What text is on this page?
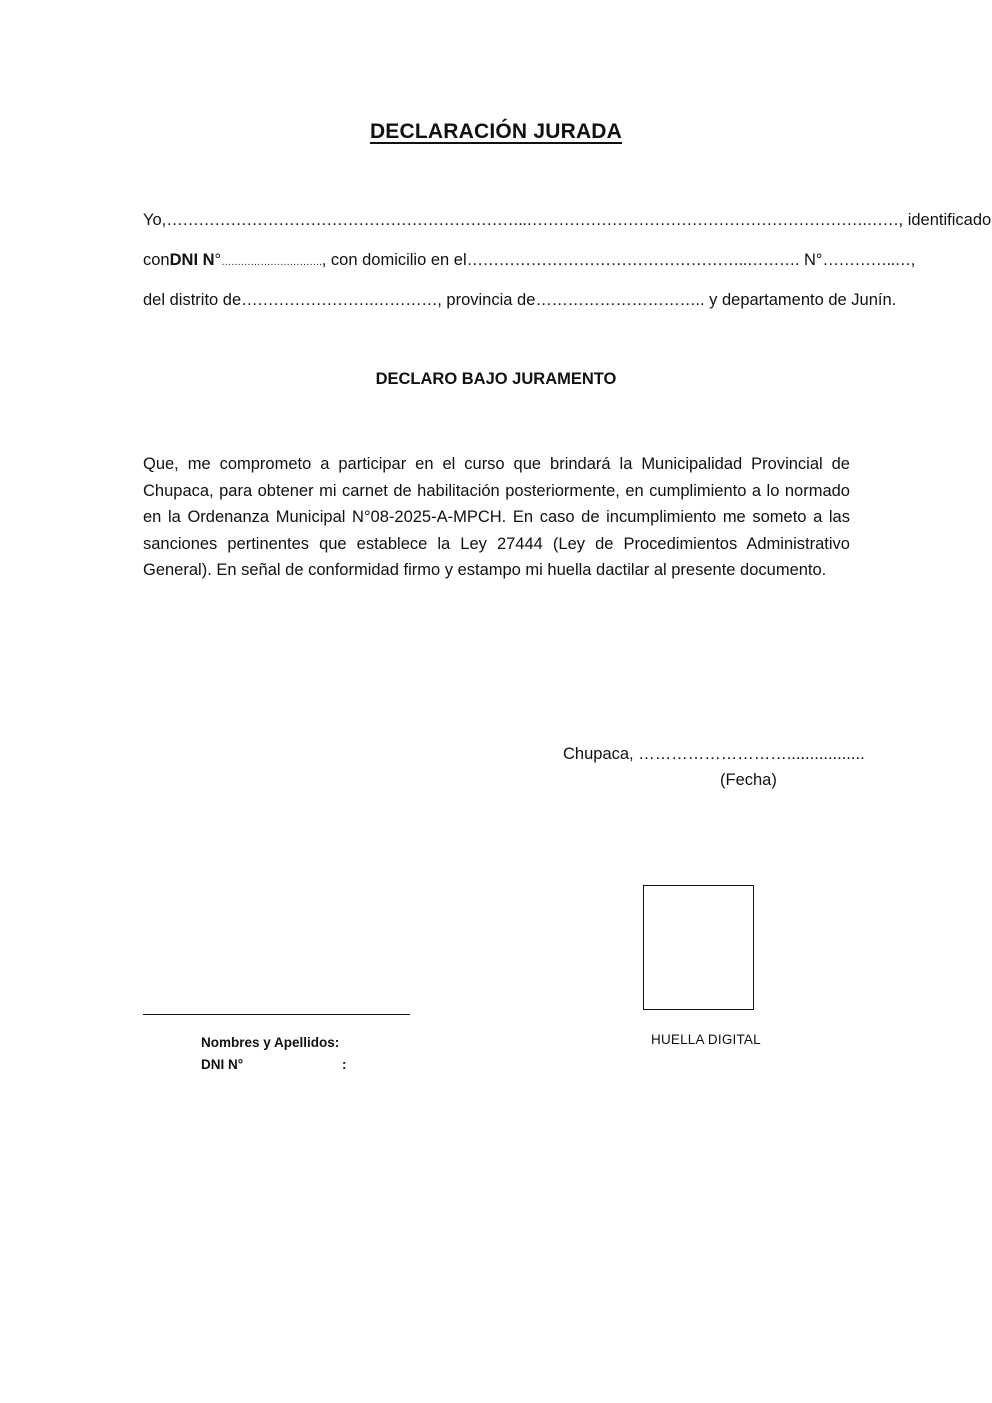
DECLARACIÓN JURADA
Yo, …………………………………………………………..……………………………………………………….…… , identificado
con DNI N ° …………………………. , con domicilio en el ……………………………………………..……… . N° …………..… ,
del distrito de …………………….………… , provincia de ………………………… .. y departamento de Junín.
DECLARO BAJO JURAMENTO
Que, me comprometo a participar en el curso que brindará la Municipalidad Provincial de Chupaca, para obtener mi carnet de habilitación posteriormente, en cumplimiento a lo normado en la Ordenanza Municipal N°08-2025-A-MPCH. En caso de incumplimiento me someto a las sanciones pertinentes que establece la Ley 27444 (Ley de Procedimientos Administrativo General). En señal de conformidad firmo y estampo mi huella dactilar al presente documento.
Chupaca, ……………………….................
(Fecha)
HUELLA DIGITAL
Nombres y Apellidos:
DNI N°	:
